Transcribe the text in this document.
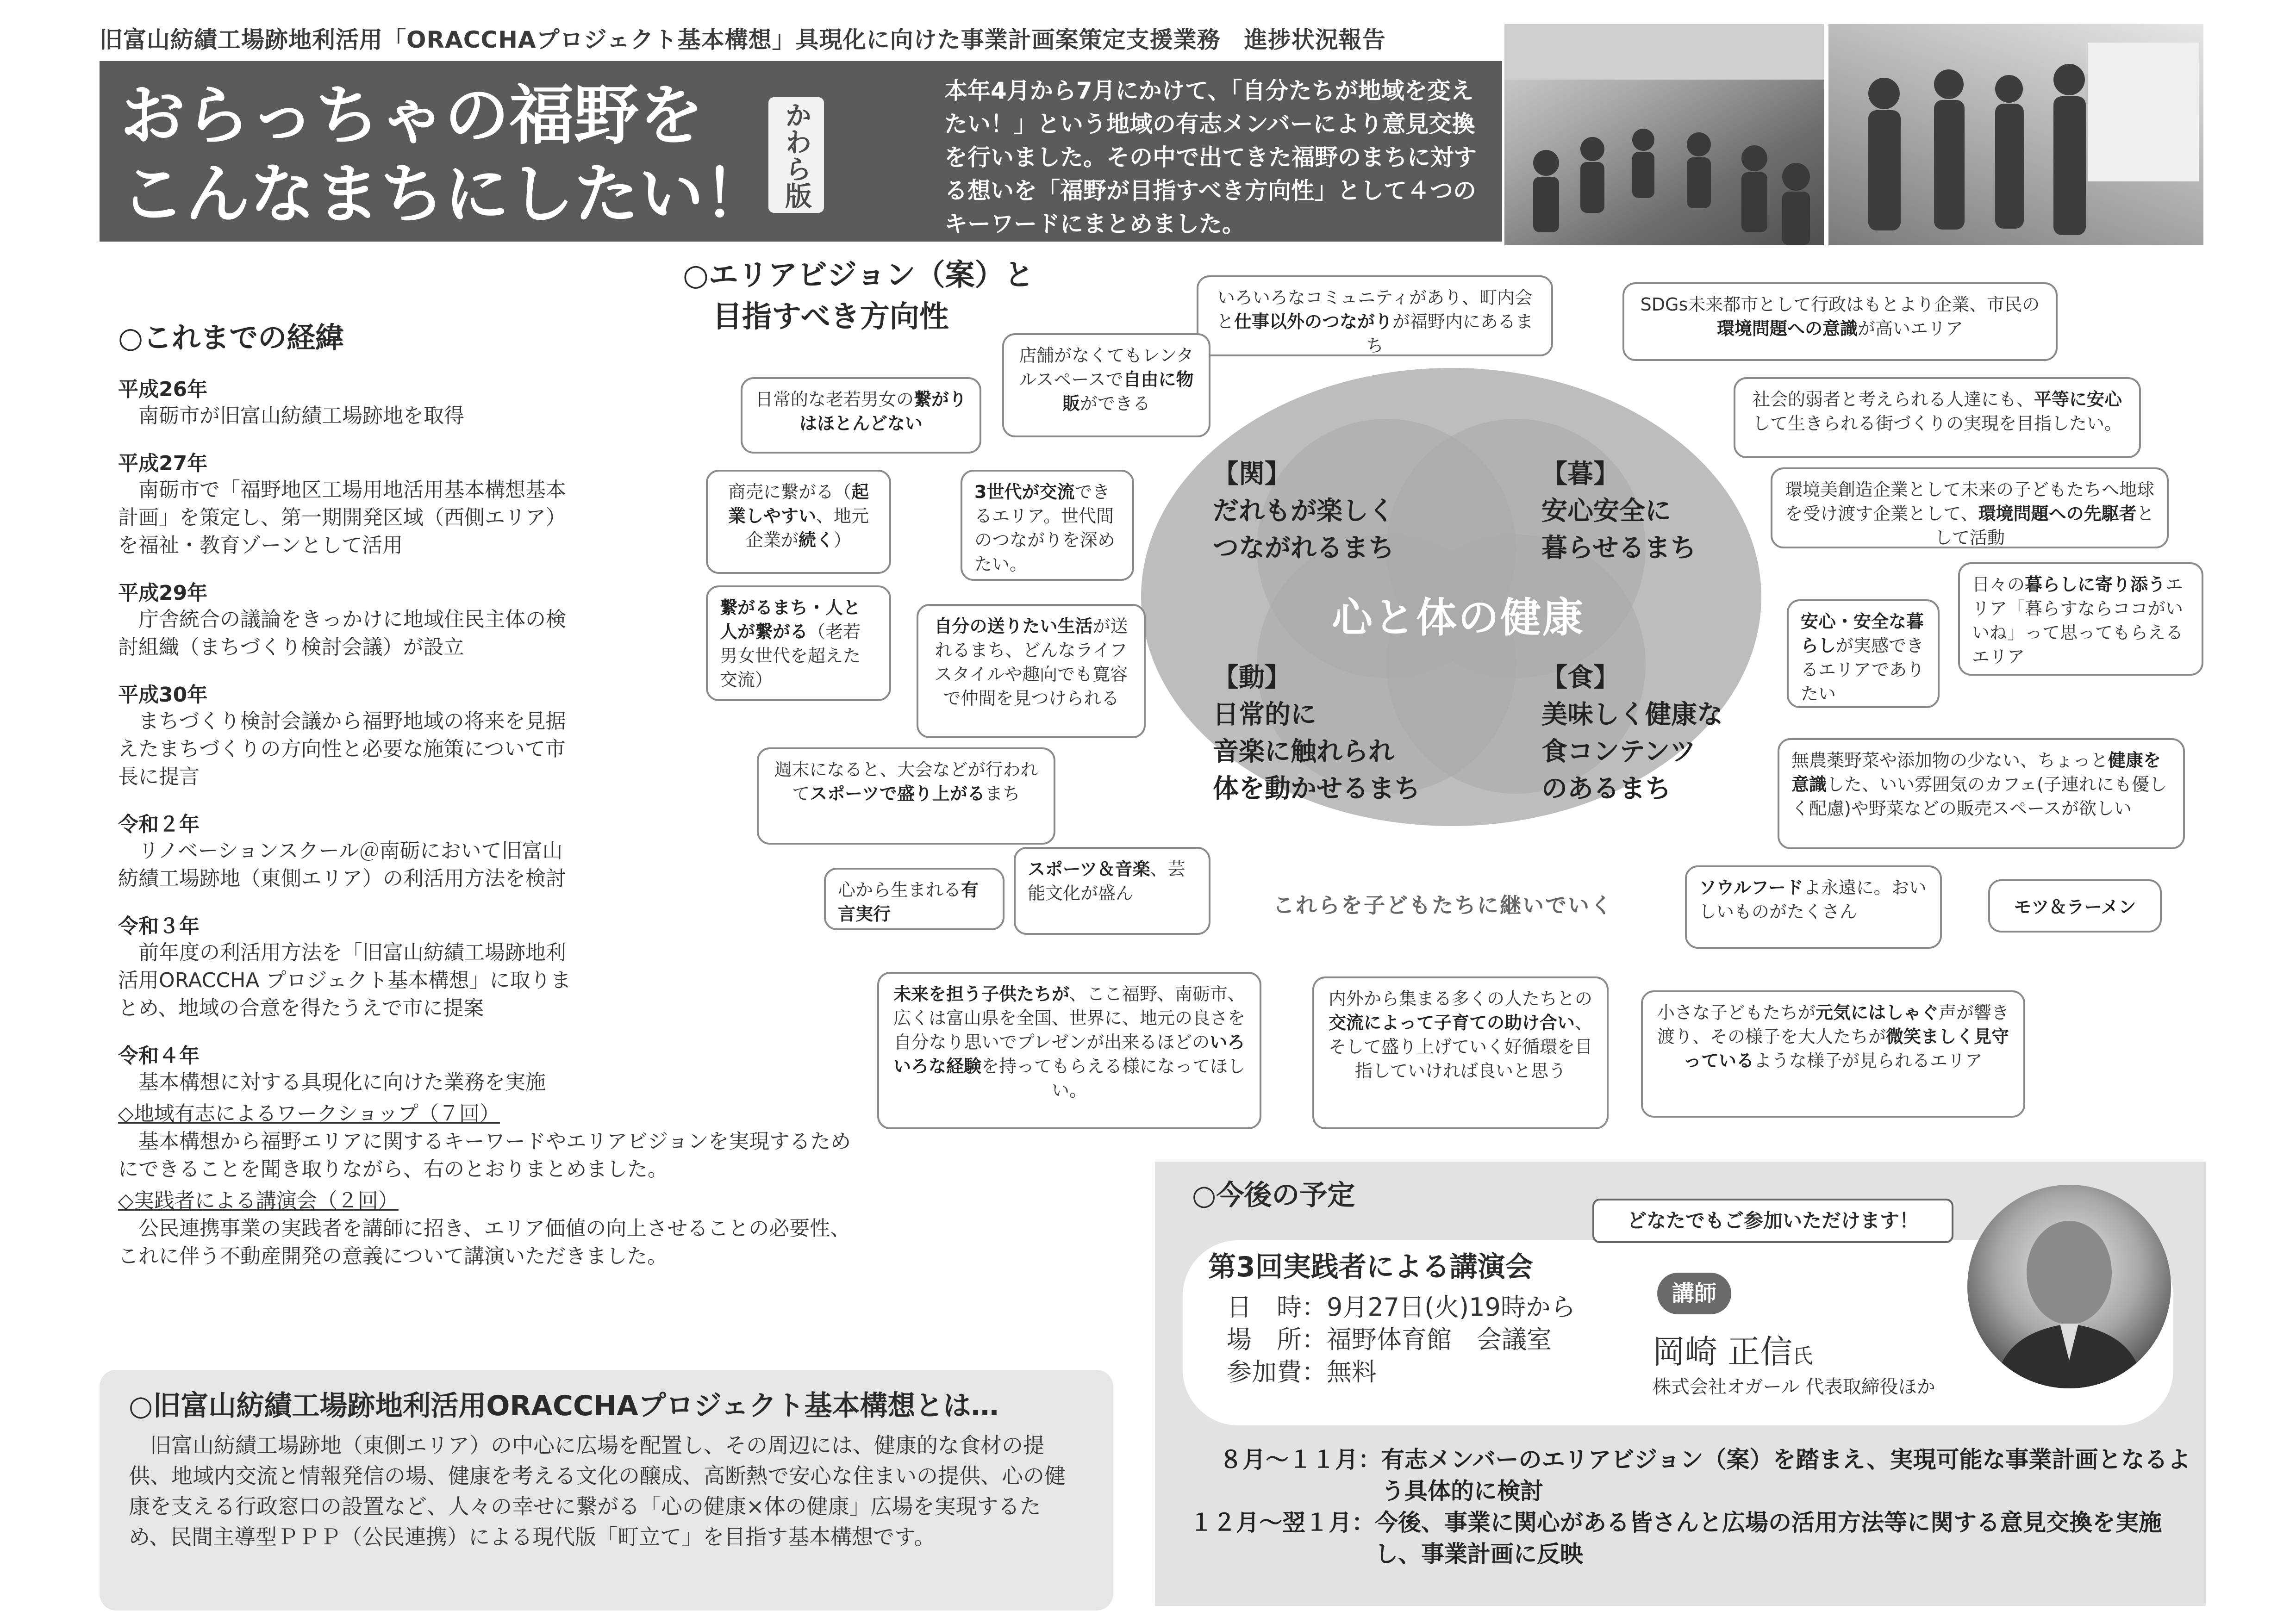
旧富山紡績工場跡地利活用「ORACCHAプロジェクト基本構想」具現化に向けた事業計画案策定支援業務　進捗状況報告
おらっちゃの福野を
こんなまちにしたい！ かわら版
本年4月から7月にかけて、「自分たちが地域を変えたい！」という地域の有志メンバーにより意見交換を行いました。その中で出てきた福野のまちに対する想いを「福野が目指すべき方向性」として４つのキーワードにまとめました。
○これまでの経緯
平成26年
南砺市が旧富山紡績工場跡地を取得
平成27年
南砺市で「福野地区工場用地活用基本構想基本計画」を策定し、第一期開発区域（西側エリア）を福祉・教育ゾーンとして活用
平成29年
庁舎統合の議論をきっかけに地域住民主体の検討組織（まちづくり検討会議）が設立
平成30年
まちづくり検討会議から福野地域の将来を見据えたまちづくりの方向性と必要な施策について市長に提言
令和２年
リノベーションスクール＠南砺において旧富山紡績工場跡地（東側エリア）の利活用方法を検討
令和３年
前年度の利活用方法を「旧富山紡績工場跡地利活用ORACCHA プロジェクト基本構想」に取りまとめ、地域の合意を得たうえで市に提案
令和４年
基本構想に対する具現化に向けた業務を実施
◇地域有志によるワークショップ（７回）
基本構想から福野エリアに関するキーワードやエリアビジョンを実現するためにできることを聞き取りながら、右のとおりまとめました。
◇実践者による講演会（２回）
公民連携事業の実践者を講師に招き、エリア価値の向上させることの必要性、これに伴う不動産開発の意義について講演いただきました。
○旧富山紡績工場跡地利活用ORACCHAプロジェクト基本構想とは…
旧富山紡績工場跡地（東側エリア）の中心に広場を配置し、その周辺には、健康的な食材の提供、地域内交流と情報発信の場、健康を考える文化の醸成、高断熱で安心な住まいの提供、心の健康を支える行政窓口の設置など、人々の幸せに繋がる「心の健康×体の健康」広場を実現するため、民間主導型ＰＰＰ（公民連携）による現代版「町立て」を目指す基本構想です。
○エリアビジョン（案）と
目指すべき方向性
心と体の健康
【関】
だれもが楽しく
つながれるまち
【暮】
安心安全に
暮らせるまち
【動】
日常的に
音楽に触れられ
体を動かせるまち
【食】
美味しく健康な
食コンテンツ
のあるまち
これらを子どもたちに継いでいく
いろいろなコミュニティがあり、町内会と仕事以外のつながりが福野内にあるまち
SDGs未来都市として行政はもとより企業、市民の環境問題への意識が高いエリア
店舗がなくてもレンタルスペースで自由に物販ができる
日常的な老若男女の繋がりはほとんどない
社会的弱者と考えられる人達にも、平等に安心して生きられる街づくりの実現を目指したい。
商売に繋がる（起業しやすい、地元企業が続く）
3世代が交流できるエリア。世代間のつながりを深めたい。
環境美創造企業として未来の子どもたちへ地球を受け渡す企業として、環境問題への先駆者として活動
繋がるまち・人と人が繋がる（老若男女世代を超えた交流）
自分の送りたい生活が送れるまち、どんなライフスタイルや趣向でも寛容で仲間を見つけられる
安心・安全な暮らしが実感できるエリアでありたい
日々の暮らしに寄り添うエリア「暮らすならココがいいね」って思ってもらえるエリア
週末になると、大会などが行われてスポーツで盛り上がるまち
無農薬野菜や添加物の少ない、ちょっと健康を意識した、いい雰囲気のカフェ(子連れにも優しく配慮)や野菜などの販売スペースが欲しい
心から生まれる有言実行
スポーツ＆音楽、芸能文化が盛ん	ソウルフードよ永遠に。おいしいものがたくさん	モツ＆ラーメン
未来を担う子供たちが、ここ福野、南砺市、広くは富山県を全国、世界に、地元の良さを自分なり思いでプレゼンが出来るほどのいろいろな経験を持ってもらえる様になってほしい。
内外から集まる多くの人たちとの交流によって子育ての助け合い、そして盛り上げていく好循環を目指していければ良いと思う
小さな子どもたちが元気にはしゃぐ声が響き渡り、その様子を大人たちが微笑ましく見守っているような様子が見られるエリア
○今後の予定
どなたでもご参加いただけます！
第3回実践者による講演会
日　時：9月27日(火)19時から
場　所：福野体育館　会議室
参加費：無料
講師
岡崎 正信氏
株式会社オガール 代表取締役ほか
８月～１１月： 有志メンバーのエリアビジョン（案）を踏まえ、実現可能な事業計画となるよう具体的に検討
１２月～翌１月： 今後、事業に関心がある皆さんと広場の活用方法等に関する意見交換を実施し、事業計画に反映
